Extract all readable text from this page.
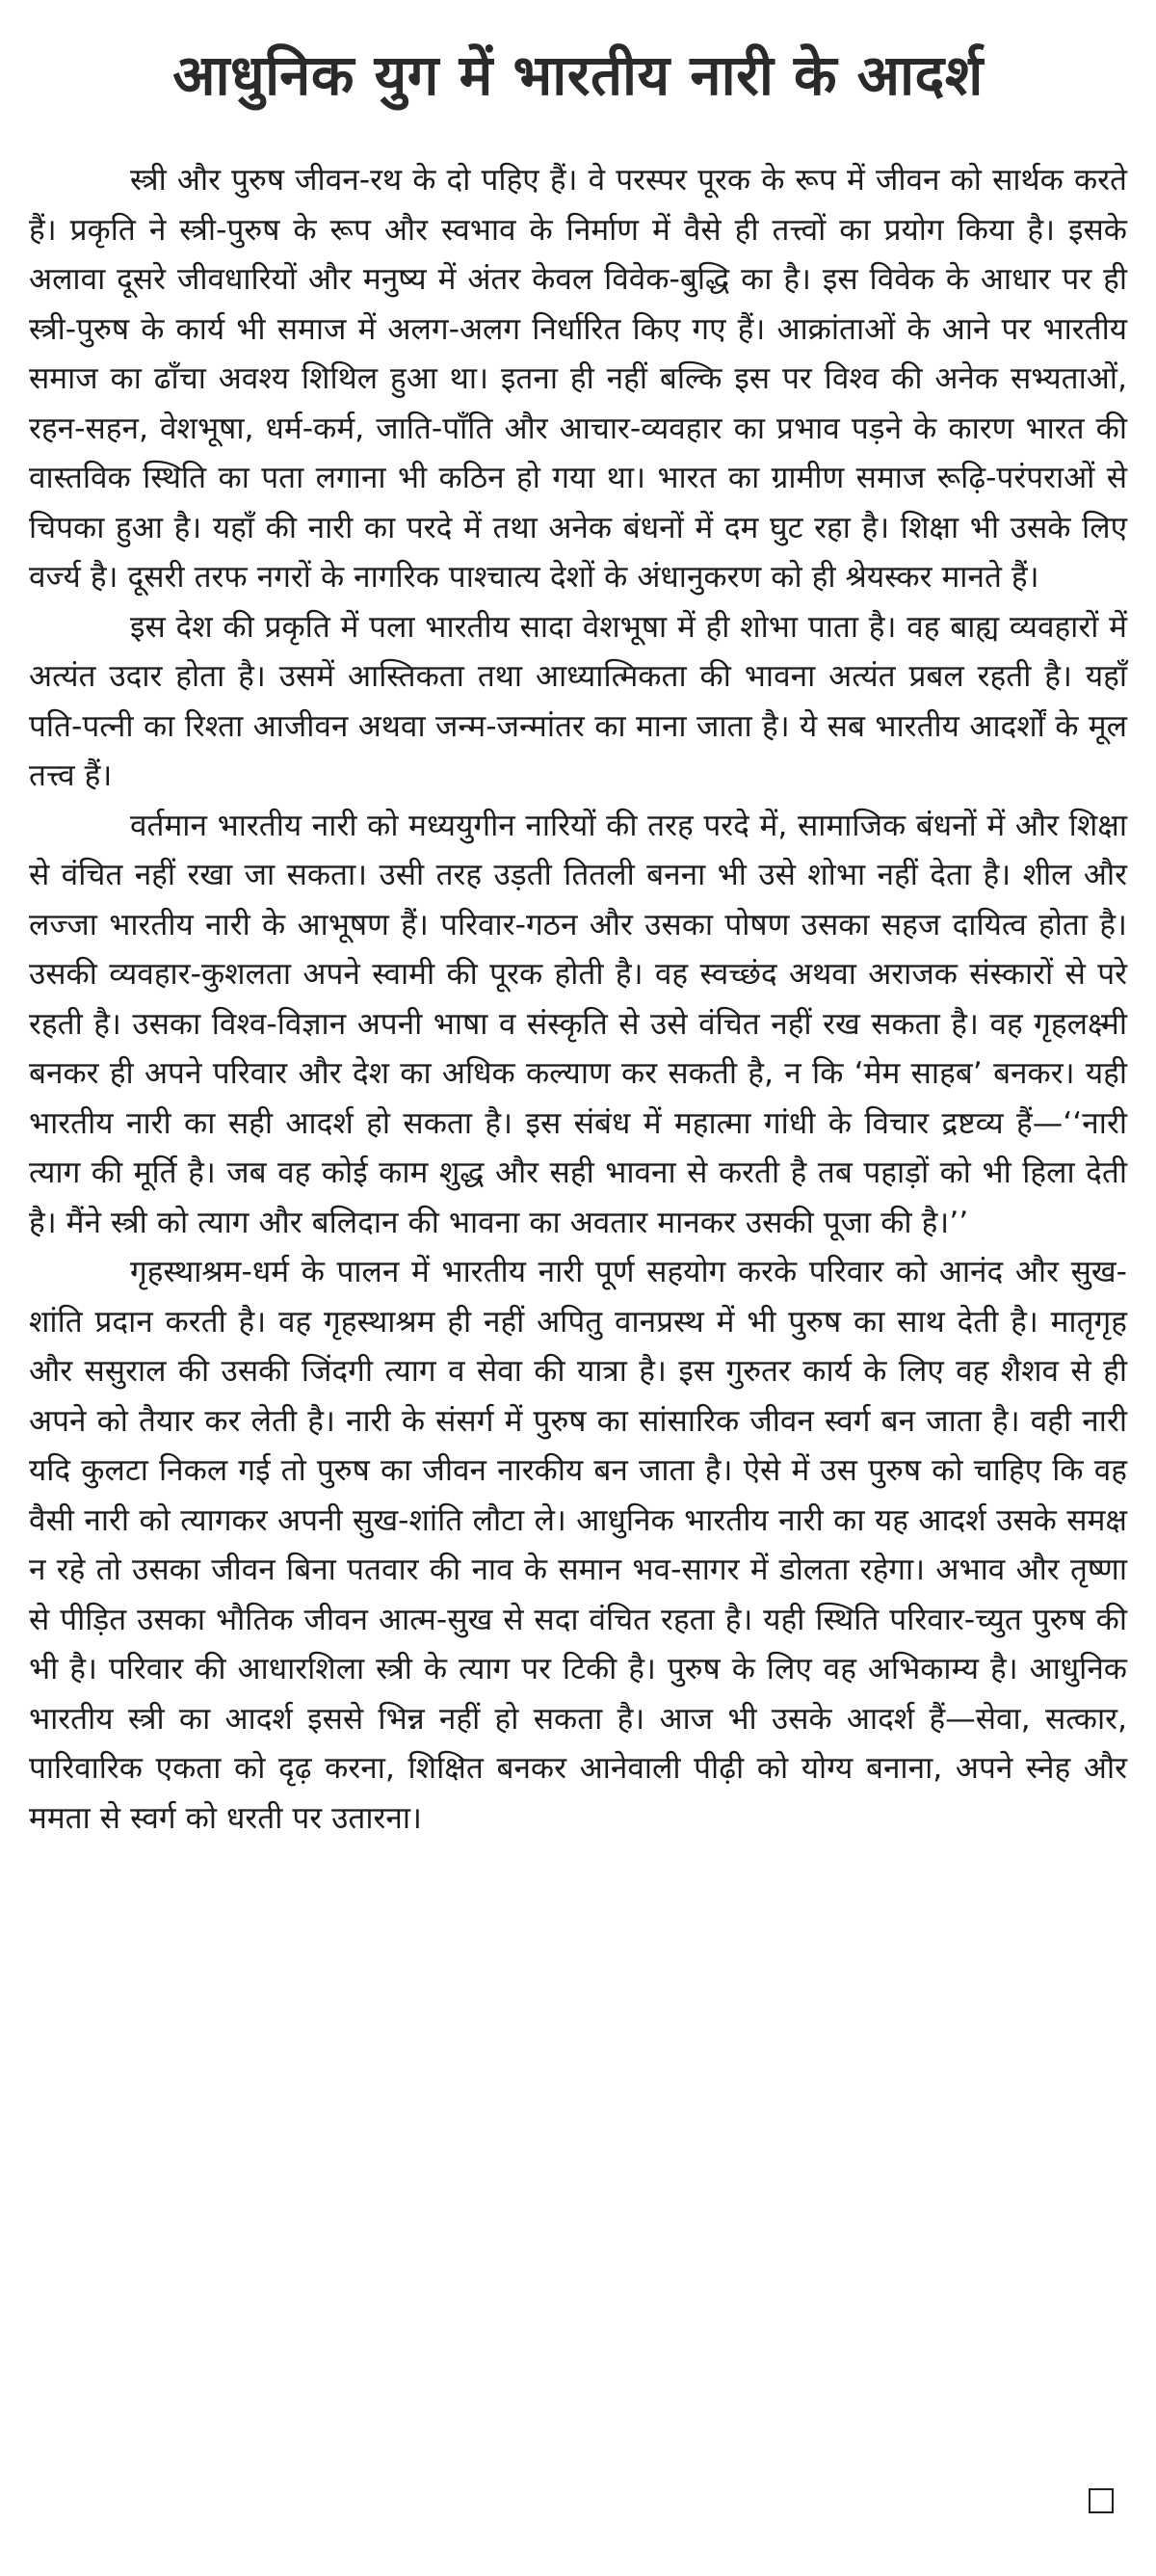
आधुनिक युग में भारतीय नारी के आदर्श

स्त्री और पुरुष जीवन-रथ के दो पहिए हैं। वे परस्पर पूरक के रूप में जीवन को सार्थक करते हैं। प्रकृति ने स्त्री-पुरुष के रूप और स्वभाव के निर्माण में वैसे ही तत्त्वों का प्रयोग किया है। इसके अलावा दूसरे जीवधारियों और मनुष्य में अंतर केवल विवेक-बुद्धि का है। इस विवेक के आधार पर ही स्त्री-पुरुष के कार्य भी समाज में अलग-अलग निर्धारित किए गए हैं। आक्रांताओं के आने पर भारतीय समाज का ढाँचा अवश्य शिथिल हुआ था। इतना ही नहीं बल्कि इस पर विश्व की अनेक सभ्यताओं, रहन-सहन, वेशभूषा, धर्म-कर्म, जाति-पाँति और आचार-व्यवहार का प्रभाव पड़ने के कारण भारत की वास्तविक स्थिति का पता लगाना भी कठिन हो गया था। भारत का ग्रामीण समाज रूढ़ि-परंपराओं से चिपका हुआ है। यहाँ की नारी का परदे में तथा अनेक बंधनों में दम घुट रहा है। शिक्षा भी उसके लिए वर्ज्य है। दूसरी तरफ नगरों के नागरिक पाश्चात्य देशों के अंधानुकरण को ही श्रेयस्कर मानते हैं।

इस देश की प्रकृति में पला भारतीय सादा वेशभूषा में ही शोभा पाता है। वह बाह्य व्यवहारों में अत्यंत उदार होता है। उसमें आस्तिकता तथा आध्यात्मिकता की भावना अत्यंत प्रबल रहती है। यहाँ पति-पत्नी का रिश्ता आजीवन अथवा जन्म-जन्मांतर का माना जाता है। ये सब भारतीय आदर्शों के मूल तत्त्व हैं।

वर्तमान भारतीय नारी को मध्ययुगीन नारियों की तरह परदे में, सामाजिक बंधनों में और शिक्षा से वंचित नहीं रखा जा सकता। उसी तरह उड़ती तितली बनना भी उसे शोभा नहीं देता है। शील और लज्जा भारतीय नारी के आभूषण हैं। परिवार-गठन और उसका पोषण उसका सहज दायित्व होता है। उसकी व्यवहार-कुशलता अपने स्वामी की पूरक होती है। वह स्वच्छंद अथवा अराजक संस्कारों से परे रहती है। उसका विश्व-विज्ञान अपनी भाषा व संस्कृति से उसे वंचित नहीं रख सकता है। वह गृहलक्ष्मी बनकर ही अपने परिवार और देश का अधिक कल्याण कर सकती है, न कि ‘मेम साहब’ बनकर। यही भारतीय नारी का सही आदर्श हो सकता है। इस संबंध में महात्मा गांधी के विचार द्रष्टव्य हैं—‘‘नारी त्याग की मूर्ति है। जब वह कोई काम शुद्ध और सही भावना से करती है तब पहाड़ों को भी हिला देती है। मैंने स्त्री को त्याग और बलिदान की भावना का अवतार मानकर उसकी पूजा की है।’’

गृहस्थाश्रम-धर्म के पालन में भारतीय नारी पूर्ण सहयोग करके परिवार को आनंद और सुख-शांति प्रदान करती है। वह गृहस्थाश्रम ही नहीं अपितु वानप्रस्थ में भी पुरुष का साथ देती है। मातृगृह और ससुराल की उसकी जिंदगी त्याग व सेवा की यात्रा है। इस गुरुतर कार्य के लिए वह शैशव से ही अपने को तैयार कर लेती है। नारी के संसर्ग में पुरुष का सांसारिक जीवन स्वर्ग बन जाता है। वही नारी यदि कुलटा निकल गई तो पुरुष का जीवन नारकीय बन जाता है। ऐसे में उस पुरुष को चाहिए कि वह वैसी नारी को त्यागकर अपनी सुख-शांति लौटा ले। आधुनिक भारतीय नारी का यह आदर्श उसके समक्ष न रहे तो उसका जीवन बिना पतवार की नाव के समान भव-सागर में डोलता रहेगा। अभाव और तृष्णा से पीड़ित उसका भौतिक जीवन आत्म-सुख से सदा वंचित रहता है। यही स्थिति परिवार-च्युत पुरुष की भी है। परिवार की आधारशिला स्त्री के त्याग पर टिकी है। पुरुष के लिए वह अभिकाम्य है। आधुनिक भारतीय स्त्री का आदर्श इससे भिन्न नहीं हो सकता है। आज भी उसके आदर्श हैं—सेवा, सत्कार, पारिवारिक एकता को दृढ़ करना, शिक्षित बनकर आनेवाली पीढ़ी को योग्य बनाना, अपने स्नेह और ममता से स्वर्ग को धरती पर उतारना।
